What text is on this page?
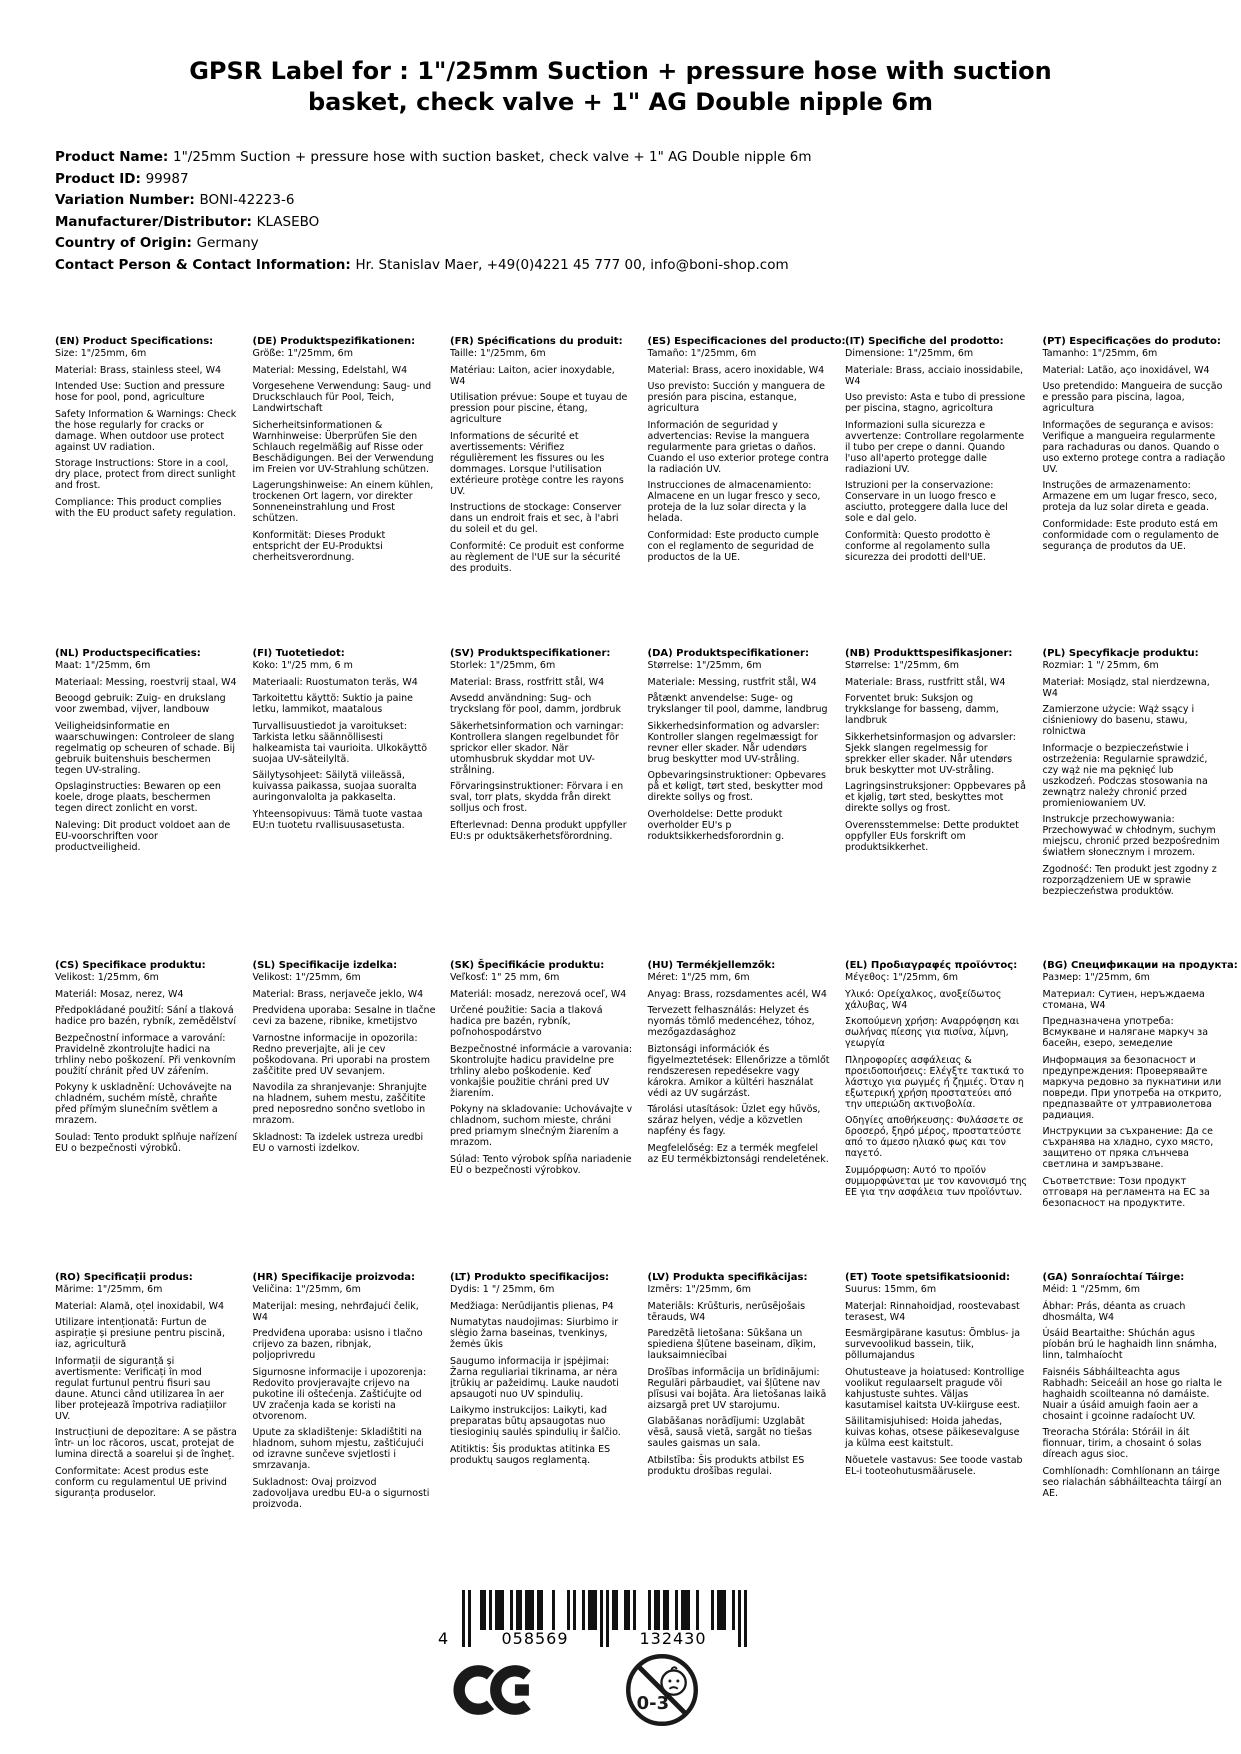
GPSR Label for : 1"/25mm Suction + pressure hose with suction
basket, check valve + 1" AG Double nipple 6m
Product Name: 1"/25mm Suction + pressure hose with suction basket, check valve + 1" AG Double nipple 6m
Product ID: 99987
Variation Number: BONI-42223-6
Manufacturer/Distributor: KLASEBO
Country of Origin: Germany
Contact Person & Contact Information: Hr. Stanislav Maer, +49(0)4221 45 777 00, info@boni-shop.com
(EN) Product Specifications:

Size: 1"/25mm, 6m

Material: Brass, stainless steel, W4

Intended Use: Suction and pressure hose for pool, pond, agriculture

Safety Information & Warnings: Check the hose regularly for cracks or damage. When outdoor use protect against UV radiation.

Storage Instructions: Store in a cool, dry place, protect from direct sunlight and frost.

Compliance: This product complies with the EU product safety regulation.

(DE) Produktspezifikationen:

Größe: 1"/25mm, 6m

Material: Messing, Edelstahl, W4

Vorgesehene Verwendung: Saug- und Druckschlauch für Pool, Teich, Landwirtschaft

Sicherheitsinformationen & Warnhinweise: Überprüfen Sie den Schlauch regelmäßig auf Risse oder Beschädigungen. Bei der Verwendung im Freien vor UV-Strahlung schützen.

Lagerungshinweise: An einem kühlen, trockenen Ort lagern, vor direkter Sonneneinstrahlung und Frost schützen.

Konformität: Dieses Produkt entspricht der EU-Produktsi cherheitsverordnung.

(FR) Spécifications du produit:

Taille: 1"/25mm, 6m

Matériau: Laiton, acier inoxydable, W4

Utilisation prévue: Soupe et tuyau de pression pour piscine, étang, agriculture

Informations de sécurité et avertissements: Vérifiez régulièrement les fissures ou les dommages. Lorsque l'utilisation extérieure protège contre les rayons UV.

Instructions de stockage: Conserver dans un endroit frais et sec, à l'abri du soleil et du gel.

Conformité: Ce produit est conforme au règlement de l'UE sur la sécurité des produits.

(ES) Especificaciones del producto:

Tamaño: 1"/25mm, 6m

Material: Brass, acero inoxidable, W4

Uso previsto: Succión y manguera de presión para piscina, estanque, agricultura

Información de seguridad y advertencias: Revise la manguera regularmente para grietas o daños. Cuando el uso exterior protege contra la radiación UV.

Instrucciones de almacenamiento: Almacene en un lugar fresco y seco, proteja de la luz solar directa y la helada.

Conformidad: Este producto cumple con el reglamento de seguridad de productos de la UE.

(IT) Specifiche del prodotto:

Dimensione: 1"/25mm, 6m

Materiale: Brass, acciaio inossidabile, W4

Uso previsto: Asta e tubo di pressione per piscina, stagno, agricoltura

Informazioni sulla sicurezza e avvertenze: Controllare regolarmente il tubo per crepe o danni. Quando l'uso all'aperto protegge dalle radiazioni UV.

Istruzioni per la conservazione: Conservare in un luogo fresco e asciutto, proteggere dalla luce del sole e dal gelo.

Conformità: Questo prodotto è conforme al regolamento sulla sicurezza dei prodotti dell'UE.

(PT) Especificações do produto:

Tamanho: 1"/25mm, 6m

Material: Latão, aço inoxidável, W4

Uso pretendido: Mangueira de sucção e pressão para piscina, lagoa, agricultura

Informações de segurança e avisos: Verifique a mangueira regularmente para rachaduras ou danos. Quando o uso externo protege contra a radiação UV.

Instruções de armazenamento: Armazene em um lugar fresco, seco, proteja da luz solar direta e geada.

Conformidade: Este produto está em conformidade com o regulamento de segurança de produtos da UE.

(NL) Productspecificaties:

Maat: 1"/25mm, 6m

Materiaal: Messing, roestvrij staal, W4

Beoogd gebruik: Zuig- en drukslang voor zwembad, vijver, landbouw

Veiligheidsinformatie en waarschuwingen: Controleer de slang regelmatig op scheuren of schade. Bij gebruik buitenshuis beschermen tegen UV-straling.

Opslaginstructies: Bewaren op een koele, droge plaats, beschermen tegen direct zonlicht en vorst.

Naleving: Dit product voldoet aan de EU-voorschriften voor productveiligheid.

(FI) Tuotetiedot:

Koko: 1"/25 mm, 6 m

Materiaali: Ruostumaton teräs, W4

Tarkoitettu käyttö: Suktio ja paine letku, lammikot, maatalous

Turvallisuustiedot ja varoitukset: Tarkista letku säännöllisesti halkeamista tai vaurioita. Ulkokäyttö suojaa UV-säteilyltä.

Säilytysohjeet: Säilytä viileässä, kuivassa paikassa, suojaa suoralta auringonvalolta ja pakkaselta.

Yhteensopivuus: Tämä tuote vastaa EU:n tuotetu rvallisuusasetusta.

(SV) Produktspecifikationer:

Storlek: 1"/25mm, 6m

Material: Brass, rostfritt stål, W4

Avsedd användning: Sug- och tryckslang för pool, damm, jordbruk

Säkerhetsinformation och varningar: Kontrollera slangen regelbundet för sprickor eller skador. När utomhusbruk skyddar mot UV-strålning.

Förvaringsinstruktioner: Förvara i en sval, torr plats, skydda från direkt solljus och frost.

Efterlevnad: Denna produkt uppfyller EU:s pr oduktsäkerhetsförordning.

(DA) Produktspecifikationer:

Størrelse: 1"/25mm, 6m

Materiale: Messing, rustfrit stål, W4

Påtænkt anvendelse: Suge- og trykslanger til pool, damme, landbrug

Sikkerhedsinformation og advarsler: Kontroller slangen regelmæssigt for revner eller skader. Når udendørs brug beskytter mod UV-stråling.

Opbevaringsinstruktioner: Opbevares på et køligt, tørt sted, beskytter mod direkte sollys og frost.

Overholdelse: Dette produkt overholder EU's p roduktsikkerhedsforordnin g.

(NB) Produkttspesifikasjoner:

Størrelse: 1"/25mm, 6m

Materiale: Brass, rustfritt stål, W4

Forventet bruk: Suksjon og trykkslange for basseng, damm, landbruk

Sikkerhetsinformasjon og advarsler: Sjekk slangen regelmessig for sprekker eller skader. Når utendørs bruk beskytter mot UV-stråling.

Lagringsinstruksjoner: Oppbevares på et kjølig, tørt sted, beskyttes mot direkte sollys og frost.

Overensstemmelse: Dette produktet oppfyller EUs forskrift om produktsikkerhet.

(PL) Specyfikacje produktu:

Rozmiar: 1 "/ 25mm, 6m

Materiał: Mosiądz, stal nierdzewna, W4

Zamierzone użycie: Wąż ssący i ciśnieniowy do basenu, stawu, rolnictwa

Informacje o bezpieczeństwie i ostrzeżenia: Regularnie sprawdzić, czy wąż nie ma pęknięć lub uszkodzeń. Podczas stosowania na zewnątrz należy chronić przed promieniowaniem UV.

Instrukcje przechowywania: Przechowywać w chłodnym, suchym miejscu, chronić przed bezpośrednim światłem słonecznym i mrozem.

Zgodność: Ten produkt jest zgodny z rozporządzeniem UE w sprawie bezpieczeństwa produktów.

(CS) Specifikace produktu:

Velikost: 1/25mm, 6m

Materiál: Mosaz, nerez, W4

Předpokládané použití: Sání a tlaková hadice pro bazén, rybník, zemědělství

Bezpečnostní informace a varování: Pravidelně zkontrolujte hadici na trhliny nebo poškození. Při venkovním použití chránit před UV zářením.

Pokyny k uskladnění: Uchovávejte na chladném, suchém místě, chraňte před přímým slunečním světlem a mrazem.

Soulad: Tento produkt splňuje nařízení EU o bezpečnosti výrobků.

(SL) Specifikacije izdelka:

Velikost: 1"/25mm, 6m

Material: Brass, nerjaveče jeklo, W4

Predvidena uporaba: Sesalne in tlačne cevi za bazene, ribnike, kmetijstvo

Varnostne informacije in opozorila: Redno preverjajte, ali je cev poškodovana. Pri uporabi na prostem zaščitite pred UV sevanjem.

Navodila za shranjevanje: Shranjujte na hladnem, suhem mestu, zaščitite pred neposredno sončno svetlobo in mrazom.

Skladnost: Ta izdelek ustreza uredbi EU o varnosti izdelkov.

(SK) Špecifikácie produktu:

Veľkosť: 1" 25 mm, 6m

Materiál: mosadz, nerezová oceľ, W4

Určené použitie: Sacia a tlaková hadica pre bazén, rybník, poľnohospodárstvo

Bezpečnostné informácie a varovania: Skontrolujte hadicu pravidelne pre trhliny alebo poškodenie. Keď vonkajšie použitie chráni pred UV žiarením.

Pokyny na skladovanie: Uchovávajte v chladnom, suchom mieste, chráni pred priamym slnečným žiarením a mrazom.

Súlad: Tento výrobok spĺňa nariadenie EÚ o bezpečnosti výrobkov.

(HU) Termékjellemzők:

Méret: 1"/25 mm, 6m

Anyag: Brass, rozsdamentes acél, W4

Tervezett felhasználás: Helyzet és nyomás tömlő medencéhez, tóhoz, mezőgazdasághoz

Biztonsági információk és figyelmeztetések: Ellenőrizze a tömlőt rendszeresen repedésekre vagy károkra. Amikor a kültéri használat védi az UV sugárzást.

Tárolási utasítások: Üzlet egy hűvös, száraz helyen, védje a közvetlen napfény és fagy.

Megfelelőség: Ez a termék megfelel az EU termékbiztonsági rendeletének.

(EL) Προδιαγραφές προϊόντος:

Μέγεθος: 1"/25mm, 6m

Υλικό: Ορείχαλκος, ανοξείδωτος χάλυβας, W4

Σκοπούμενη χρήση: Αναρρόφηση και σωλήνας πίεσης για πισίνα, λίμνη, γεωργία

Πληροφορίες ασφάλειας & προειδοποιήσεις: Ελέγξτε τακτικά το λάστιχο για ρωγμές ή ζημιές. Όταν η εξωτερική χρήση προστατεύει από την υπεριώδη ακτινοβολία.

Οδηγίες αποθήκευσης: Φυλάσσετε σε δροσερό, ξηρό μέρος, προστατεύστε από το άμεσο ηλιακό φως και τον παγετό.

Συμμόρφωση: Αυτό το προϊόν συμμορφώνεται με τον κανονισμό της ΕΕ για την ασφάλεια των προϊόντων.

(BG) Спецификации на продукта:

Размер: 1"/25mm, 6m

Материал: Сутиен, неръждаема стомана, W4

Предназначена употреба: Всмукване и налягане маркуч за басейн, езеро, земеделие

Информация за безопасност и предупреждения: Проверявайте маркуча редовно за пукнатини или повреди. При употреба на открито, предпазвайте от ултравиолетова радиация.

Инструкции за съхранение: Да се съхранява на хладно, сухо място, защитено от пряка слънчева светлина и замръзване.

Съответствие: Този продукт отговаря на регламента на ЕС за безопасност на продуктите.

(RO) Specificații produs:

Mărime: 1"/25mm, 6m

Material: Alamă, oțel inoxidabil, W4

Utilizare intenționată: Furtun de aspirație și presiune pentru piscină, iaz, agricultură

Informații de siguranță și avertismente: Verificați în mod regulat furtunul pentru fisuri sau daune. Atunci când utilizarea în aer liber protejează împotriva radiațiilor UV.

Instrucțiuni de depozitare: A se păstra într- un loc răcoros, uscat, protejat de lumina directă a soarelui și de îngheț.

Conformitate: Acest produs este conform cu regulamentul UE privind siguranța produselor.

(HR) Specifikacije proizvoda:

Veličina: 1"/25mm, 6m

Materijal: mesing, nehrđajući čelik, W4

Predviđena uporaba: usisno i tlačno crijevo za bazen, ribnjak, poljoprivredu

Sigurnosne informacije i upozorenja: Redovito provjeravajte crijevo na pukotine ili oštećenja. Zaštićujte od UV zračenja kada se koristi na otvorenom.

Upute za skladištenje: Skladištiti na hladnom, suhom mjestu, zaštićujući od izravne sunčeve svjetlosti i smrzavanja.

Sukladnost: Ovaj proizvod zadovoljava uredbu EU-a o sigurnosti proizvoda.

(LT) Produkto specifikacijos:

Dydis: 1 "/ 25mm, 6m

Medžiaga: Nerūdijantis plienas, P4

Numatytas naudojimas: Siurbimo ir slėgio žarna baseinas, tvenkinys, žemės ūkis

Saugumo informacija ir įspėjimai: Žarna reguliariai tikrinama, ar nėra įtrūkių ar pažeidimų. Lauke naudoti apsaugoti nuo UV spindulių.

Laikymo instrukcijos: Laikyti, kad preparatas būtų apsaugotas nuo tiesioginių saulės spindulių ir šalčio.

Atitiktis: Šis produktas atitinka ES produktų saugos reglamentą.

(LV) Produkta specifikācijas:

Izmērs: 1"/25mm, 6m

Materiāls: Krūšturis, nerūsējošais tērauds, W4

Paredzētā lietošana: Sūkšana un spiediena šļūtene baseinam, dīķim, lauksaimniecībai

Drošības informācija un brīdinājumi: Regulāri pārbaudiet, vai šļūtene nav plīsusi vai bojāta. Āra lietošanas laikā aizsargā pret UV starojumu.

Glabāšanas norādījumi: Uzglabāt vēsā, sausā vietā, sargāt no tiešas saules gaismas un sala.

Atbilstība: Šis produkts atbilst ES produktu drošības regulai.

(ET) Toote spetsifikatsioonid:

Suurus: 15mm, 6m

Materjal: Rinnahoidjad, roostevabast terasest, W4

Eesmärgipärane kasutus: Õmblus- ja survevoolikud bassein, tiik, põllumajandus

Ohutusteave ja hoiatused: Kontrollige voolikut regulaarselt pragude või kahjustuste suhtes. Väljas kasutamisel kaitsta UV-kiirguse eest.

Säilitamisjuhised: Hoida jahedas, kuivas kohas, otsese päikesevalguse ja külma eest kaitstult.

Nõuetele vastavus: See toode vastab EL-i tooteohutusmäärusele.

(GA) Sonraíochtaí Táirge:

Méid: 1 "/25mm, 6m

Ábhar: Prás, déanta as cruach dhosmálta, W4

Úsáid Beartaithe: Shúchán agus píobán brú le haghaidh linn snámha, linn, talmhaíocht

Faisnéis Sábháilteachta agus Rabhadh: Seiceáil an hose go rialta le haghaidh scoilteanna nó damáiste. Nuair a úsáid amuigh faoin aer a chosaint i gcoinne radaíocht UV.

Treoracha Stórála: Stóráil in áit fionnuar, tirim, a chosaint ó solas díreach agus sioc.

Comhlíonadh: Comhlíonann an táirge seo rialachán sábháilteachta táirgí an AE.

4	058569	132430
0-3
